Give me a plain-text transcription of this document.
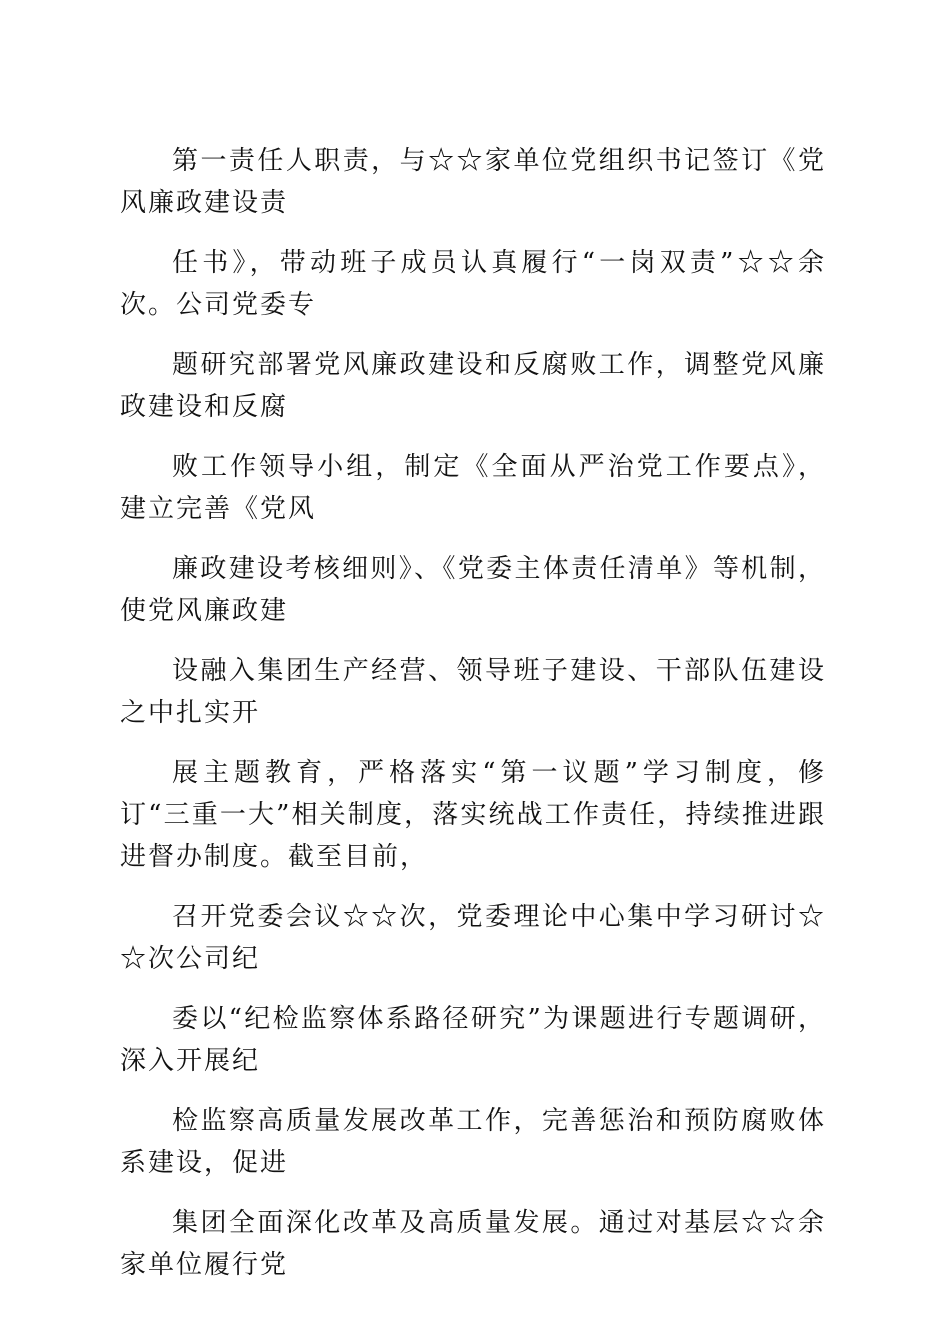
第一责任人职责，与☆☆家单位党组织书记签订《党风廉政建设责

任书》，带动班子成员认真履行“一岗双责”☆☆余次。公司党委专

题研究部署党风廉政建设和反腐败工作，调整党风廉政建设和反腐

败工作领导小组，制定《全面从严治党工作要点》，建立完善《党风

廉政建设考核细则》、《党委主体责任清单》等机制，使党风廉政建

设融入集团生产经营、领导班子建设、干部队伍建设之中扎实开

展主题教育，严格落实“第一议题”学习制度，修订“三重一大”相关制度，落实统战工作责任，持续推进跟进督办制度。截至目前，

召开党委会议☆☆次，党委理论中心集中学习研讨☆☆次公司纪

委以“纪检监察体系路径研究”为课题进行专题调研，深入开展纪

检监察高质量发展改革工作，完善惩治和预防腐败体系建设，促进

集团全面深化改革及高质量发展。通过对基层☆☆余家单位履行党
